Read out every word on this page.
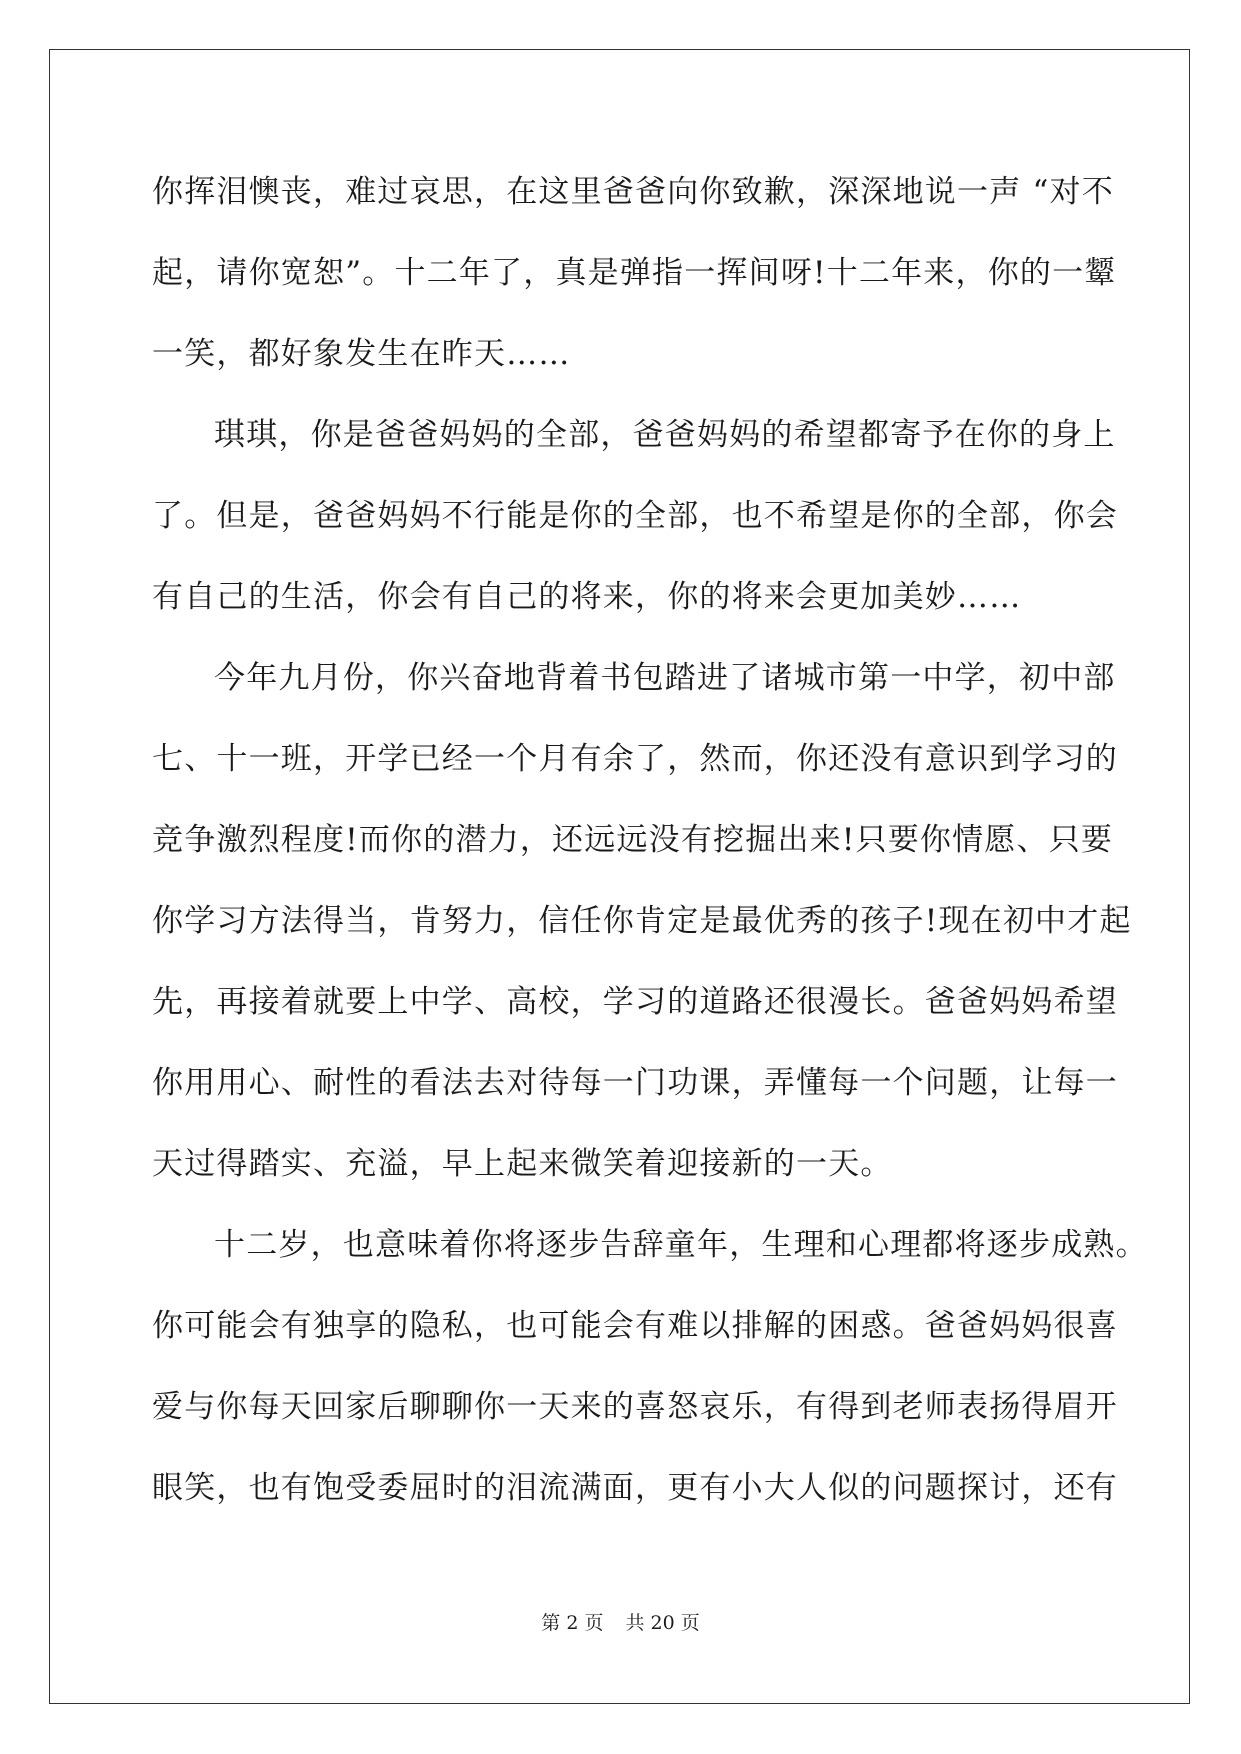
你挥泪懊丧，难过哀思，在这里爸爸向你致歉，深深地说一声 “对不
起，请你宽恕”。十二年了，真是弹指一挥间呀!十二年来，你的一颦
一笑，都好象发生在昨天……
琪琪，你是爸爸妈妈的全部，爸爸妈妈的希望都寄予在你的身上
了。但是，爸爸妈妈不行能是你的全部，也不希望是你的全部，你会
有自己的生活，你会有自己的将来，你的将来会更加美妙……
今年九月份，你兴奋地背着书包踏进了诸城市第一中学，初中部
七、十一班，开学已经一个月有余了，然而，你还没有意识到学习的
竞争激烈程度!而你的潜力，还远远没有挖掘出来!只要你情愿、只要
你学习方法得当，肯努力，信任你肯定是最优秀的孩子!现在初中才起
先，再接着就要上中学、高校，学习的道路还很漫长。爸爸妈妈希望
你用用心、耐性的看法去对待每一门功课，弄懂每一个问题，让每一
天过得踏实、充溢，早上起来微笑着迎接新的一天。
十二岁，也意味着你将逐步告辞童年，生理和心理都将逐步成熟。
你可能会有独享的隐私，也可能会有难以排解的困惑。爸爸妈妈很喜
爱与你每天回家后聊聊你一天来的喜怒哀乐，有得到老师表扬得眉开
眼笑，也有饱受委屈时的泪流满面，更有小大人似的问题探讨，还有
第 2 页 共 20 页
